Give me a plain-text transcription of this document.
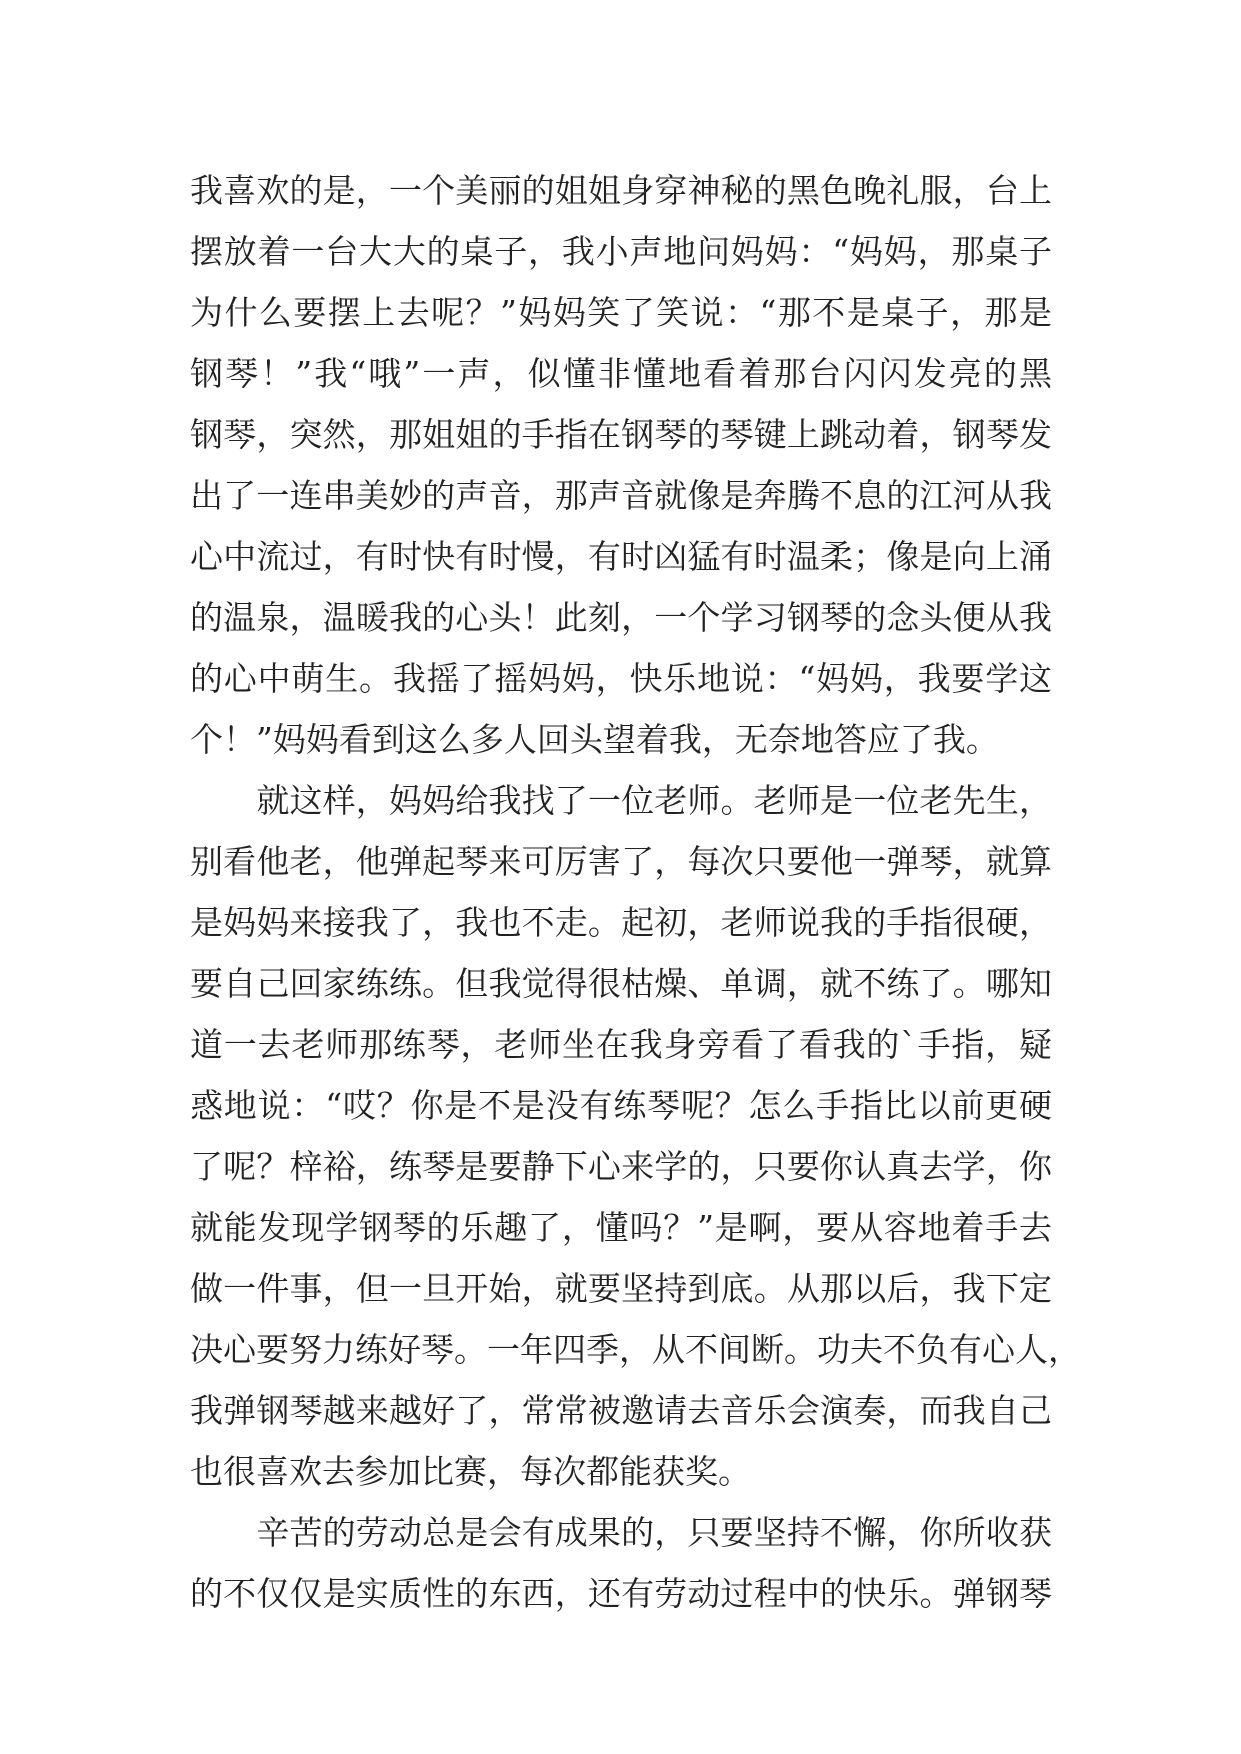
我喜欢的是，一个美丽的姐姐身穿神秘的黑色晚礼服，台上
摆放着一台大大的桌子，我小声地问妈妈：“妈妈，那桌子
为什么要摆上去呢？”妈妈笑了笑说：“那不是桌子，那是
钢琴！”我“哦”一声，似懂非懂地看着那台闪闪发亮的黑
钢琴，突然，那姐姐的手指在钢琴的琴键上跳动着，钢琴发
出了一连串美妙的声音，那声音就像是奔腾不息的江河从我
心中流过，有时快有时慢，有时凶猛有时温柔；像是向上涌
的温泉，温暖我的心头！此刻，一个学习钢琴的念头便从我
的心中萌生。我摇了摇妈妈，快乐地说：“妈妈，我要学这
个！”妈妈看到这么多人回头望着我，无奈地答应了我。
　　就这样，妈妈给我找了一位老师。老师是一位老先生，
别看他老，他弹起琴来可厉害了，每次只要他一弹琴，就算
是妈妈来接我了，我也不走。起初，老师说我的手指很硬，
要自己回家练练。但我觉得很枯燥、单调，就不练了。哪知
道一去老师那练琴，老师坐在我身旁看了看我的`手指，疑
惑地说：“哎？你是不是没有练琴呢？怎么手指比以前更硬
了呢？梓裕，练琴是要静下心来学的，只要你认真去学，你
就能发现学钢琴的乐趣了，懂吗？”是啊，要从容地着手去
做一件事，但一旦开始，就要坚持到底。从那以后，我下定
决心要努力练好琴。一年四季，从不间断。功夫不负有心人，
我弹钢琴越来越好了，常常被邀请去音乐会演奏，而我自己
也很喜欢去参加比赛，每次都能获奖。
　　辛苦的劳动总是会有成果的，只要坚持不懈，你所收获
的不仅仅是实质性的东西，还有劳动过程中的快乐。弹钢琴
